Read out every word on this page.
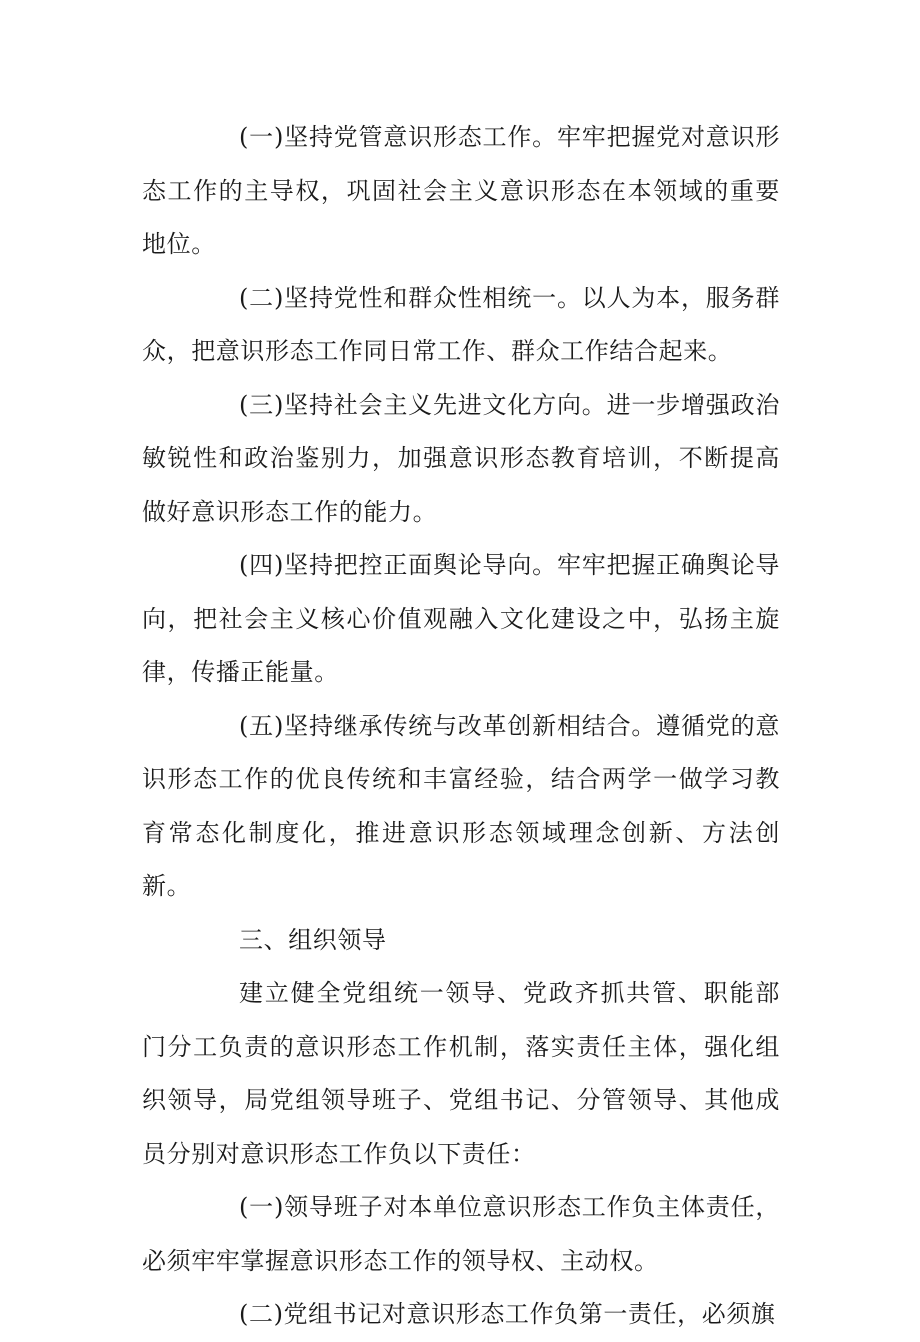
(一)坚持党管意识形态工作。牢牢把握党对意识形态工作的主导权，巩固社会主义意识形态在本领域的重要地位。

(二)坚持党性和群众性相统一。以人为本，服务群众，把意识形态工作同日常工作、群众工作结合起来。

(三)坚持社会主义先进文化方向。进一步增强政治敏锐性和政治鉴别力，加强意识形态教育培训，不断提高做好意识形态工作的能力。

(四)坚持把控正面舆论导向。牢牢把握正确舆论导向，把社会主义核心价值观融入文化建设之中，弘扬主旋律，传播正能量。

(五)坚持继承传统与改革创新相结合。遵循党的意识形态工作的优良传统和丰富经验，结合两学一做学习教育常态化制度化，推进意识形态领域理念创新、方法创新。

三、组织领导

建立健全党组统一领导、党政齐抓共管、职能部门分工负责的意识形态工作机制，落实责任主体，强化组织领导，局党组领导班子、党组书记、分管领导、其他成员分别对意识形态工作负以下责任：

(一)领导班子对本单位意识形态工作负主体责任，必须牢牢掌握意识形态工作的领导权、主动权。

(二)党组书记对意识形态工作负第一责任，必须旗
